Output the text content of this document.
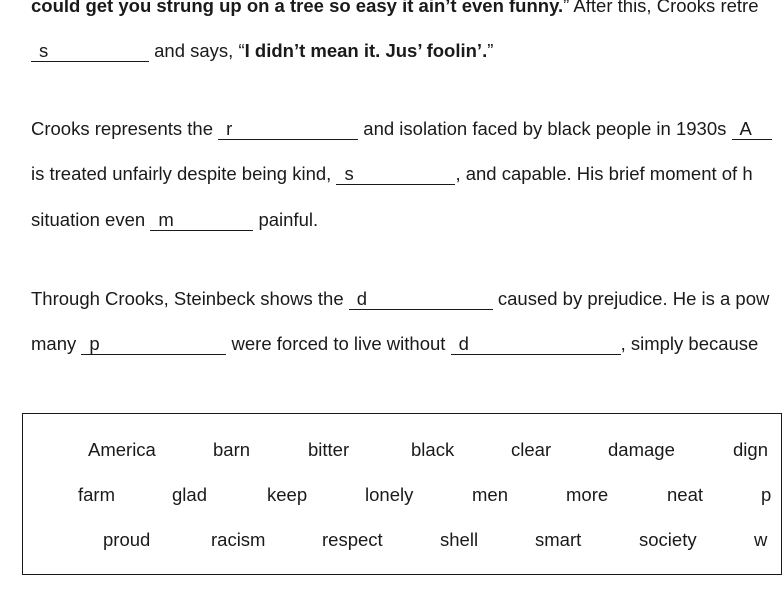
could get you strung up on a tree so easy it ain’t even funny.” After this, Crooks retre
s	and says, “I didn’t mean it. Jus’ foolin’.”
Crooks represents the r	and isolation faced by black people in 1930s A
is treated unfairly despite being kind, s	, and capable. His brief moment of h
situation even m	painful.
Through Crooks, Steinbeck shows the d	caused by prejudice. He is a pow
many p	were forced to live without d	, simply because
America	barn	bitter	black	clear	damage	dign
farm	glad	keep	lonely	men	more	neat	p
proud	racism	respect	shell	smart	society	w
